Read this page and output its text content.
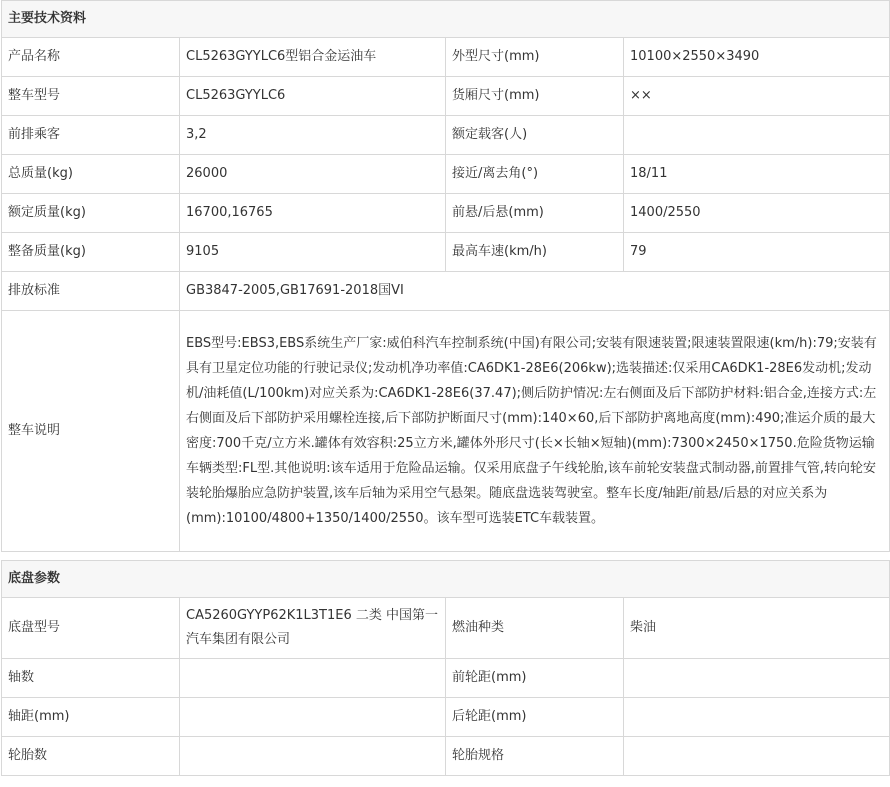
主要技术资料			
产品名称	CL5263GYYLC6型铝合金运油车	外型尺寸(mm)	10100×2550×3490
整车型号	CL5263GYYLC6	货厢尺寸(mm)	××
前排乘客	3,2	额定载客(人)	
总质量(kg)	26000	接近/离去角(°)	18/11
额定质量(kg)	16700,16765	前悬/后悬(mm)	1400/2550
整备质量(kg)	9105	最高车速(km/h)	79
排放标准	GB3847-2005,GB17691-2018国VI		
整车说明	EBS型号:EBS3,EBS系统生产厂家:威伯科汽车控制系统(中国)有限公司;安装有限速装置;限速装置限速(km/h):79;安装有具有卫星定位功能的行驶记录仪;发动机净功率值:CA6DK1-28E6(206kw);选装描述:仅采用CA6DK1-28E6发动机;发动机/油耗值(L/100km)对应关系为:CA6DK1-28E6(37.47);侧后防护情况:左右侧面及后下部防护材料:铝合金,连接方式:左右侧面及后下部防护采用螺栓连接,后下部防护断面尺寸(mm):140×60,后下部防护离地高度(mm):490;准运介质的最大密度:700千克/立方米.罐体有效容积:25立方米,罐体外形尺寸(长×长轴×短轴)(mm):7300×2450×1750.危险货物运输车辆类型:FL型.其他说明:该车适用于危险品运输。仅采用底盘子午线轮胎,该车前轮安装盘式制动器,前置排气管,转向轮安装轮胎爆胎应急防护装置,该车后轴为采用空气悬架。随底盘选装驾驶室。整车长度/轴距/前悬/后悬的对应关系为(mm):10100/4800+1350/1400/2550。该车型可选装ETC车载装置。		
底盘参数			
底盘型号	CA5260GYYP62K1L3T1E6 二类 中国第一汽车集团有限公司	燃油种类	柴油
轴数		前轮距(mm)	
轴距(mm)		后轮距(mm)	
轮胎数		轮胎规格	
